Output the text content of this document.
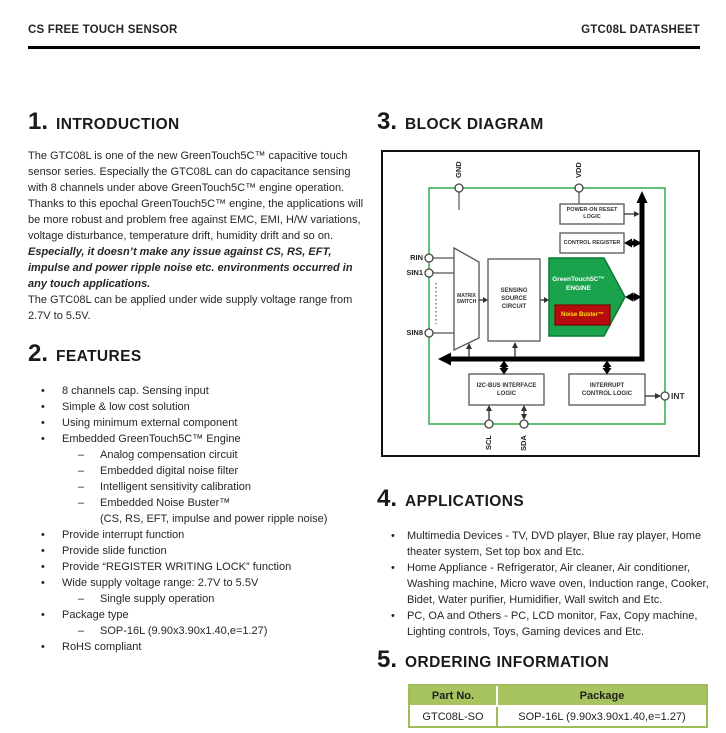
CS FREE TOUCH SENSOR	GTC08L DATASHEET
1. INTRODUCTION
The GTC08L is one of the new GreenTouch5C™ capacitive touch sensor series. Especially the GTC08L can do capacitance sensing with 8 channels under above GreenTouch5C™ engine operation. Thanks to this epochal GreenTouch5C™ engine, the applications will be more robust and problem free against EMC, EMI, H/W variations, voltage disturbance, temperature drift, humidity drift and so on. Especially, it doesn’t make any issue against CS, RS, EFT, impulse and power ripple noise etc. environments occurred in any touch applications.
The GTC08L can be applied under wide supply voltage range from 2.7V to 5.5V.
2. FEATURES
• 8 channels cap. Sensing input
• Simple & low cost solution
• Using minimum external component
• Embedded GreenTouch5C™ Engine
– Analog compensation circuit
– Embedded digital noise filter
– Intelligent sensitivity calibration
– Embedded Noise Buster™
(CS, RS, EFT, impulse and power ripple noise)
• Provide interrupt function
• Provide slide function
• Provide “REGISTER WRITING LOCK” function
• Wide supply voltage range: 2.7V to 5.5V
– Single supply operation
• Package type
– SOP-16L (9.90x3.90x1.40,e=1.27)
• RoHS compliant
3. BLOCK DIAGRAM
GND	VDD
RIN
SIN1
SIN8
SCL	SDA
INT
POWER-ON RESET LOGIC
CONTROL REGISTER
MATRIX SWITCH
SENSING SOURCE CIRCUIT
GreenTouch5C™ ENGINE
Noise Buster™
I2C-BUS INTERFACE LOGIC
INTERRUPT CONTROL LOGIC
4. APPLICATIONS
• Multimedia Devices - TV, DVD player, Blue ray player, Home theater system, Set top box and Etc.
• Home Appliance - Refrigerator, Air cleaner, Air conditioner, Washing machine, Micro wave oven, Induction range, Cooker, Bidet, Water purifier, Humidifier, Wall switch and Etc.
• PC, OA and Others - PC, LCD monitor, Fax, Copy machine, Lighting controls, Toys, Gaming devices and Etc.
5. ORDERING INFORMATION
Part No.	Package
GTC08L-SO	SOP-16L (9.90x3.90x1.40,e=1.27)
